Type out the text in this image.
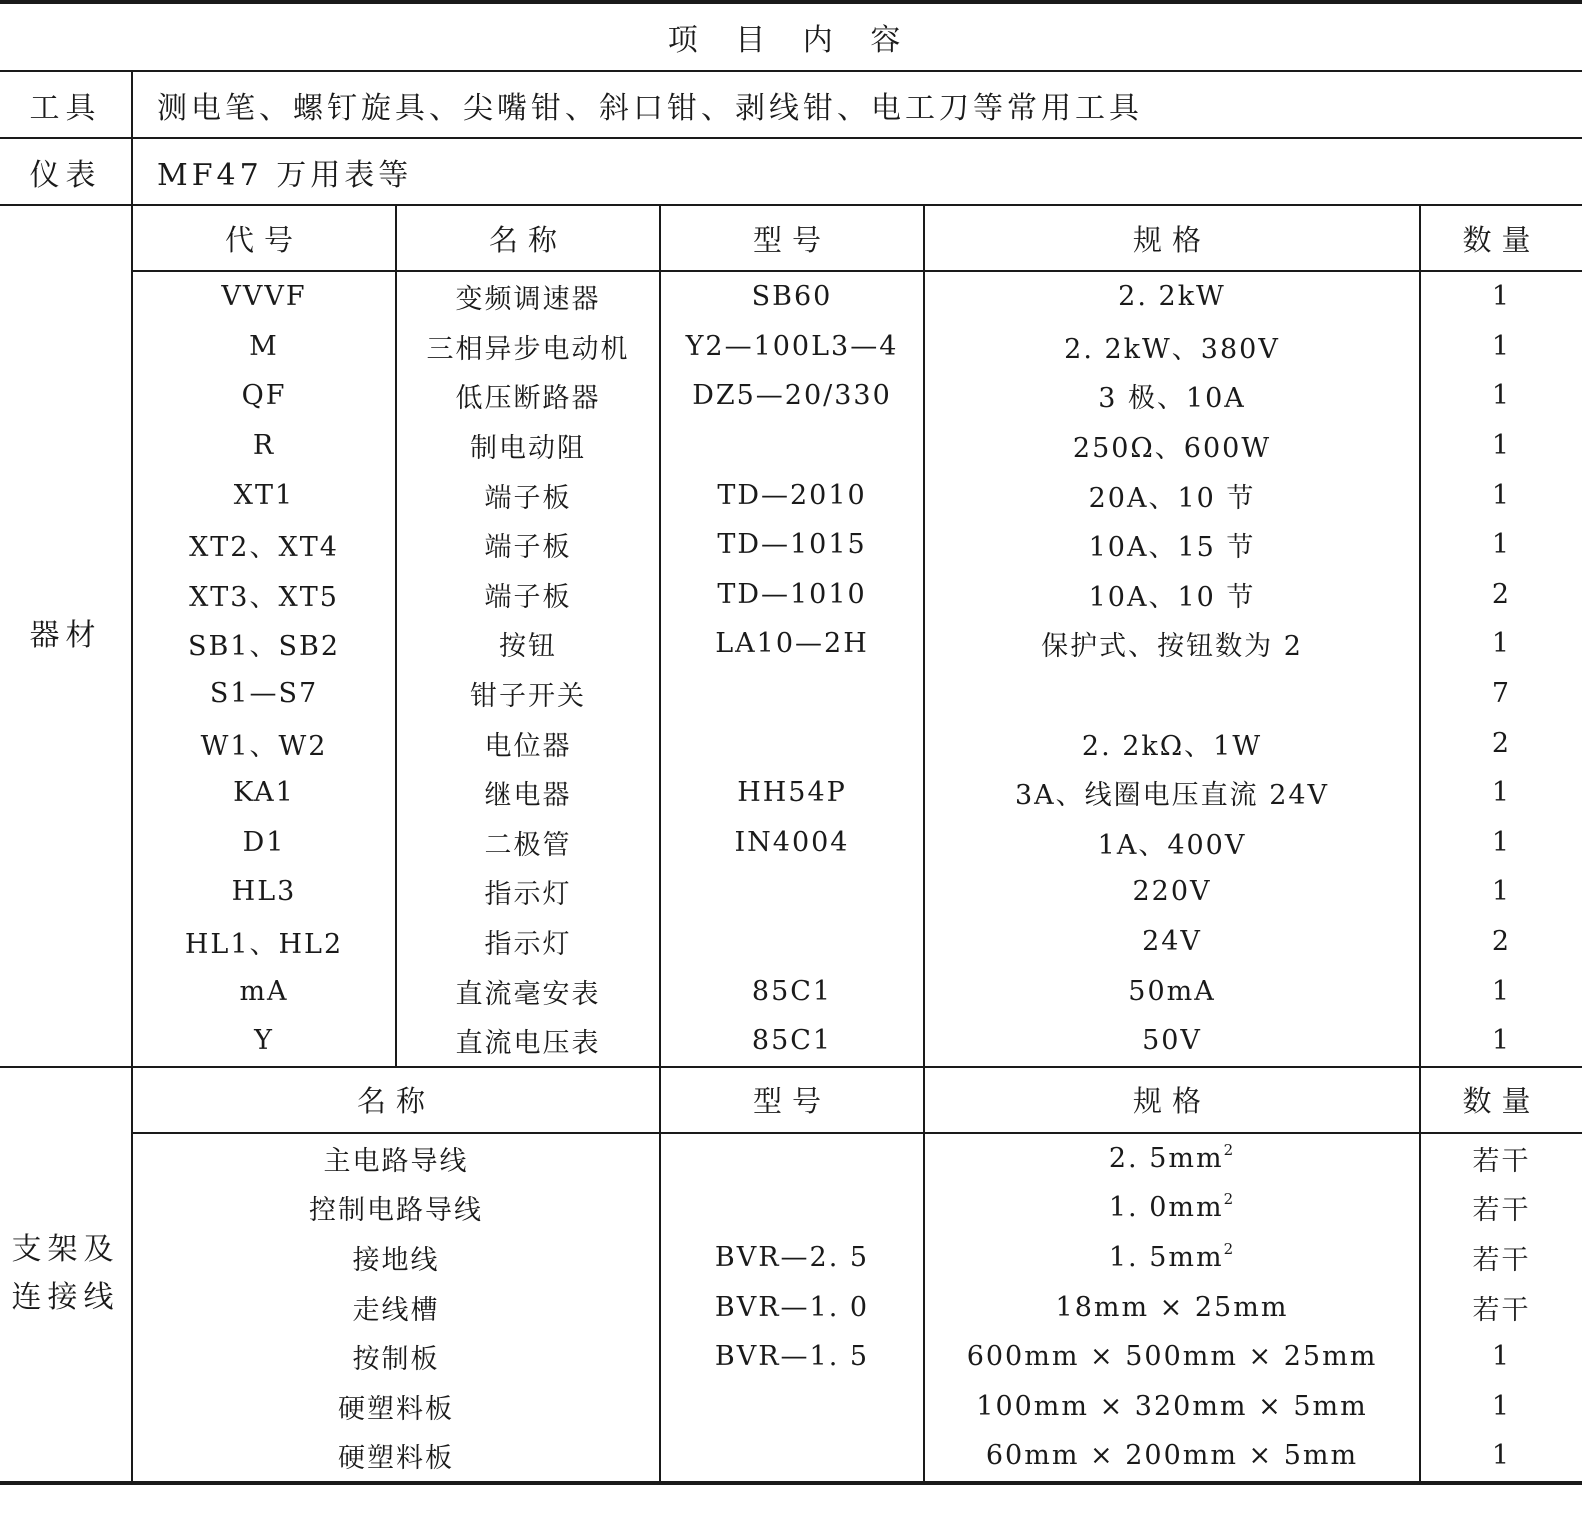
项 目 内 容					
工具	测电笔、螺钉旋具、尖嘴钳、斜口钳、剥线钳、电工刀等常用工具				
仪表	MF47 万用表等				
器材	代号	名称	型号	规格	数量
	VVVF	变频调速器	SB60	2. 2kW	1
	M	三相异步电动机	Y2—100L3—4	2. 2kW、380V	1
	QF	低压断路器	DZ5—20/330	3 极、10A	1
	R	制电动阻		250Ω、600W	1
	XT1	端子板	TD—2010	20A、10 节	1
	XT2、XT4	端子板	TD—1015	10A、15 节	1
	XT3、XT5	端子板	TD—1010	10A、10 节	2
	SB1、SB2	按钮	LA10—2H	保护式、按钮数为 2	1
	S1—S7	钳子开关			7
	W1、W2	电位器		2. 2kΩ、1W	2
	KA1	继电器	HH54P	3A、线圈电压直流 24V	1
	D1	二极管	IN4004	1A、400V	1
	HL3	指示灯		220V	1
	HL1、HL2	指示灯		24V	2
	mA	直流毫安表	85C1	50mA	1
	Y	直流电压表	85C1	50V	1

支架及
连接线	名称		型号	规格	数量
	主电路导线			2. $5mm^2$	若干
	控制电路导线			1. $0mm^2$	若干
	接地线		BVR—2. 5	1. $5mm^2$	若干
	走线槽		BVR—1. 0	18mm × 25mm	若干
	按制板		BVR—1. 5	600mm × 500mm × 25mm	1
	硬塑料板			100mm × 320mm × 5mm	1
	硬塑料板			60mm × 200mm × 5mm	1
